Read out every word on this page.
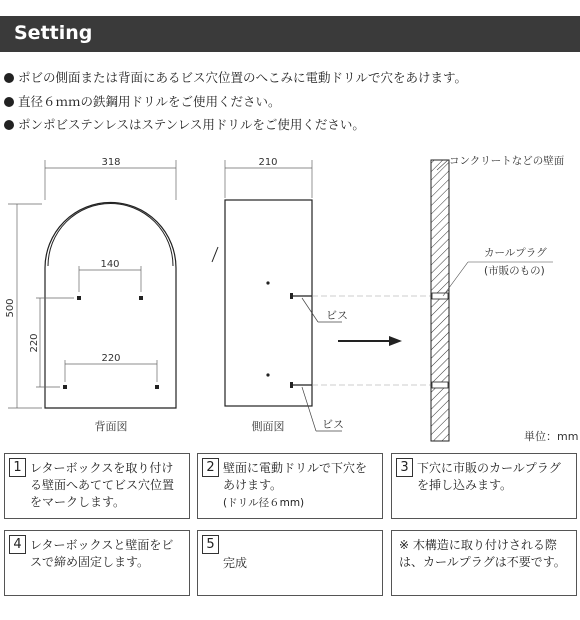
Setting
ポビの側面または背面にあるビス穴位置のへこみに電動ドリルで穴をあけます。
直径６ｍｍの鉄鋼用ドリルをご使用ください。
ポンポビステンレスはステンレス用ドリルをご使用ください。
318
500
140
220
220
背面図
210
ビス
ビス
側面図
コンクリートなどの壁面
カールプラグ
(市販のもの)
単位：mm
1 レターボックスを取り付ける壁面へあててビス穴位置をマークします。
2 壁面に電動ドリルで下穴をあけます。
(ドリル径６mm)
3 下穴に市販のカールプラグを挿し込みます。
4 レターボックスと壁面をビスで締め固定します。
5
完成
※ 木構造に取り付けされる際は、カールプラグは不要です。
